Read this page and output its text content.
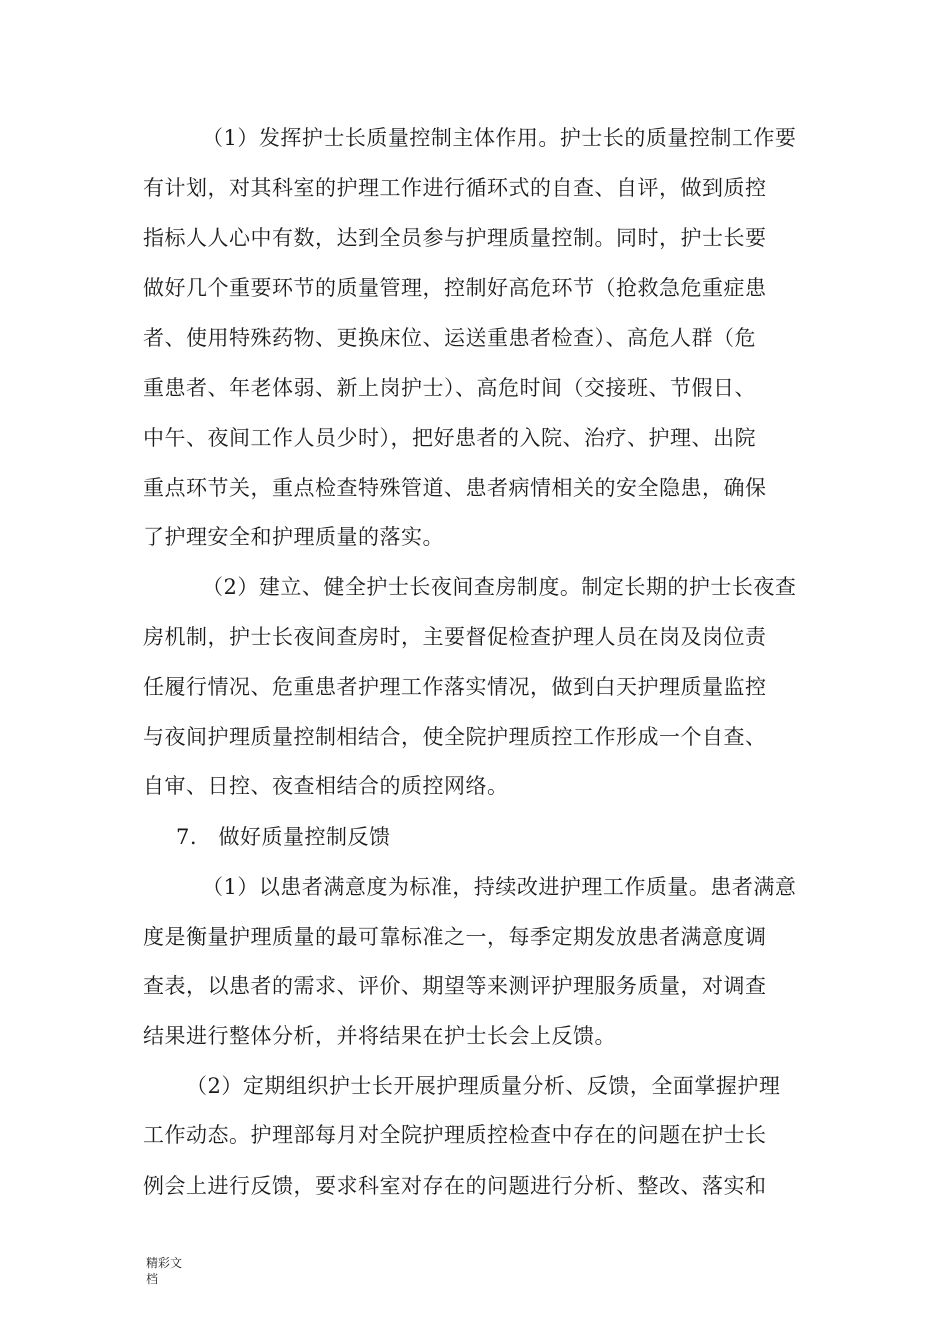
（1）发挥护士长质量控制主体作用。护士长的质量控制工作要
有计划，对其科室的护理工作进行循环式的自查、自评，做到质控
指标人人心中有数，达到全员参与护理质量控制。同时，护士长要
做好几个重要环节的质量管理，控制好高危环节（抢救急危重症患
者、使用特殊药物、更换床位、运送重患者检查）、高危人群（危
重患者、年老体弱、新上岗护士）、高危时间（交接班、节假日、
中午、夜间工作人员少时），把好患者的入院、治疗、护理、出院
重点环节关，重点检查特殊管道、患者病情相关的安全隐患，确保
了护理安全和护理质量的落实。
（2）建立、健全护士长夜间查房制度。制定长期的护士长夜查
房机制，护士长夜间查房时，主要督促检查护理人员在岗及岗位责
任履行情况、危重患者护理工作落实情况，做到白天护理质量监控
与夜间护理质量控制相结合，使全院护理质控工作形成一个自查、
自审、日控、夜查相结合的质控网络。
7.　做好质量控制反馈
（1）以患者满意度为标准，持续改进护理工作质量。患者满意
度是衡量护理质量的最可靠标准之一，每季定期发放患者满意度调
查表，以患者的需求、评价、期望等来测评护理服务质量，对调查
结果进行整体分析，并将结果在护士长会上反馈。
（2）定期组织护士长开展护理质量分析、反馈，全面掌握护理
工作动态。护理部每月对全院护理质控检查中存在的问题在护士长
例会上进行反馈，要求科室对存在的问题进行分析、整改、落实和
精彩文
档
